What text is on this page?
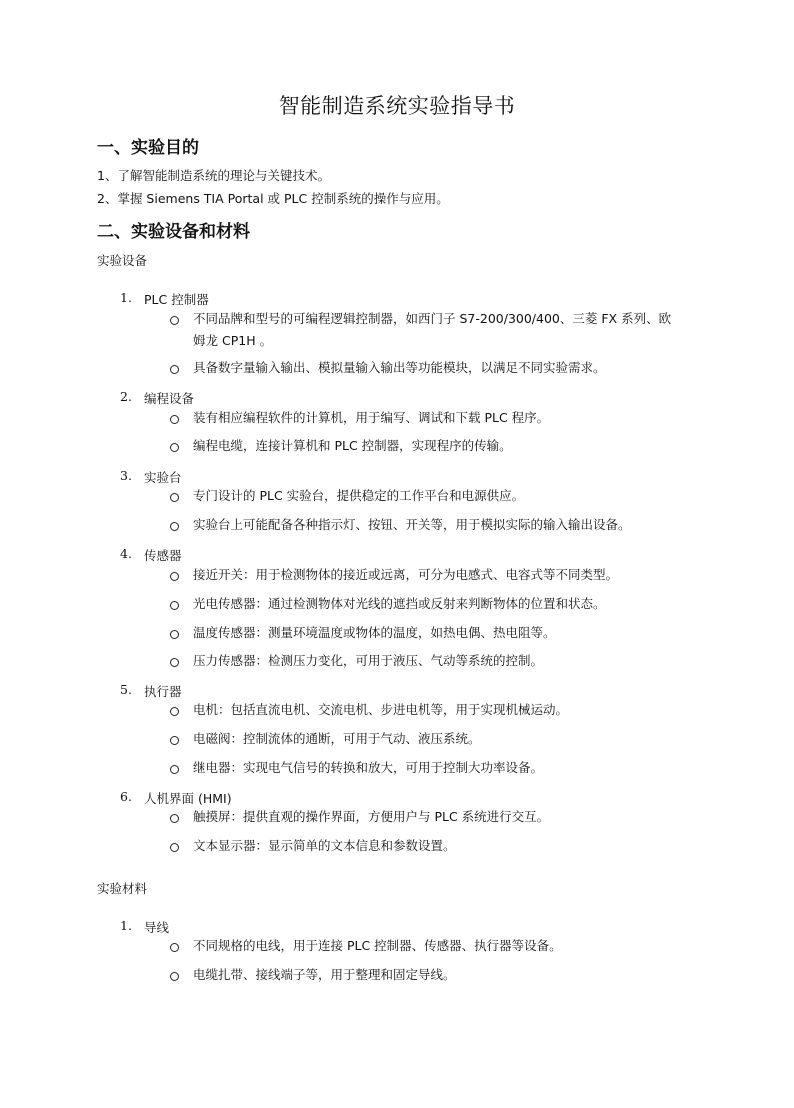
智能制造系统实验指导书
一、实验目的

1、了解智能制造系统的理论与关键技术。

2、掌握 Siemens TIA Portal 或 PLC 控制系统的操作与应用。

二、实验设备和材料

实验设备

1. PLC 控制器

不同品牌和型号的可编程逻辑控制器，如西门子 S7-200/300/400、三菱 FX 系列、欧姆龙 CP1H 。

具备数字量输入输出、模拟量输入输出等功能模块，以满足不同实验需求。

2. 编程设备

装有相应编程软件的计算机，用于编写、调试和下载 PLC 程序。

编程电缆，连接计算机和 PLC 控制器，实现程序的传输。

3. 实验台

专门设计的 PLC 实验台，提供稳定的工作平台和电源供应。

实验台上可能配备各种指示灯、按钮、开关等，用于模拟实际的输入输出设备。

4. 传感器

接近开关：用于检测物体的接近或远离，可分为电感式、电容式等不同类型。

光电传感器：通过检测物体对光线的遮挡或反射来判断物体的位置和状态。

温度传感器：测量环境温度或物体的温度，如热电偶、热电阻等。

压力传感器：检测压力变化，可用于液压、气动等系统的控制。

5. 执行器

电机：包括直流电机、交流电机、步进电机等，用于实现机械运动。

电磁阀：控制流体的通断，可用于气动、液压系统。

继电器：实现电气信号的转换和放大，可用于控制大功率设备。

6. 人机界面 (HMI)

触摸屏：提供直观的操作界面，方便用户与 PLC 系统进行交互。

文本显示器：显示简单的文本信息和参数设置。

实验材料

1. 导线

不同规格的电线，用于连接 PLC 控制器、传感器、执行器等设备。

电缆扎带、接线端子等，用于整理和固定导线。
